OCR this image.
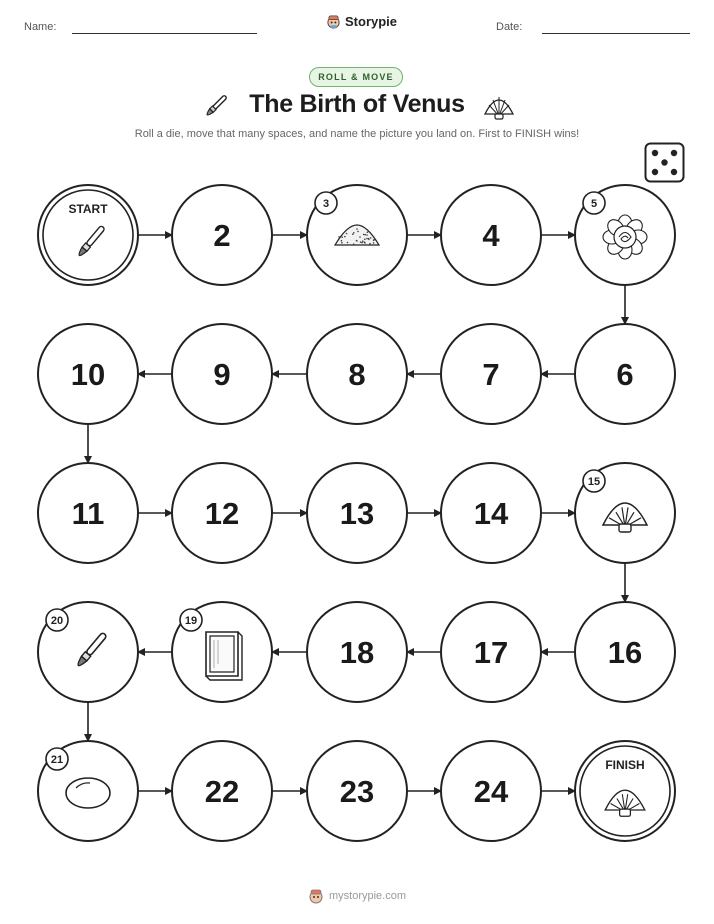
Name:	Storypie	Date:
ROLL & MOVE
The Birth of Venus
Roll a die, move that many spaces, and name the picture you land on. First to FINISH wins!
START
2
3
4
5
6
7
8
9
10
11	12	13	14
15
16
17
18
19
20
21
22	23	24
FINISH
mystorypie.com
